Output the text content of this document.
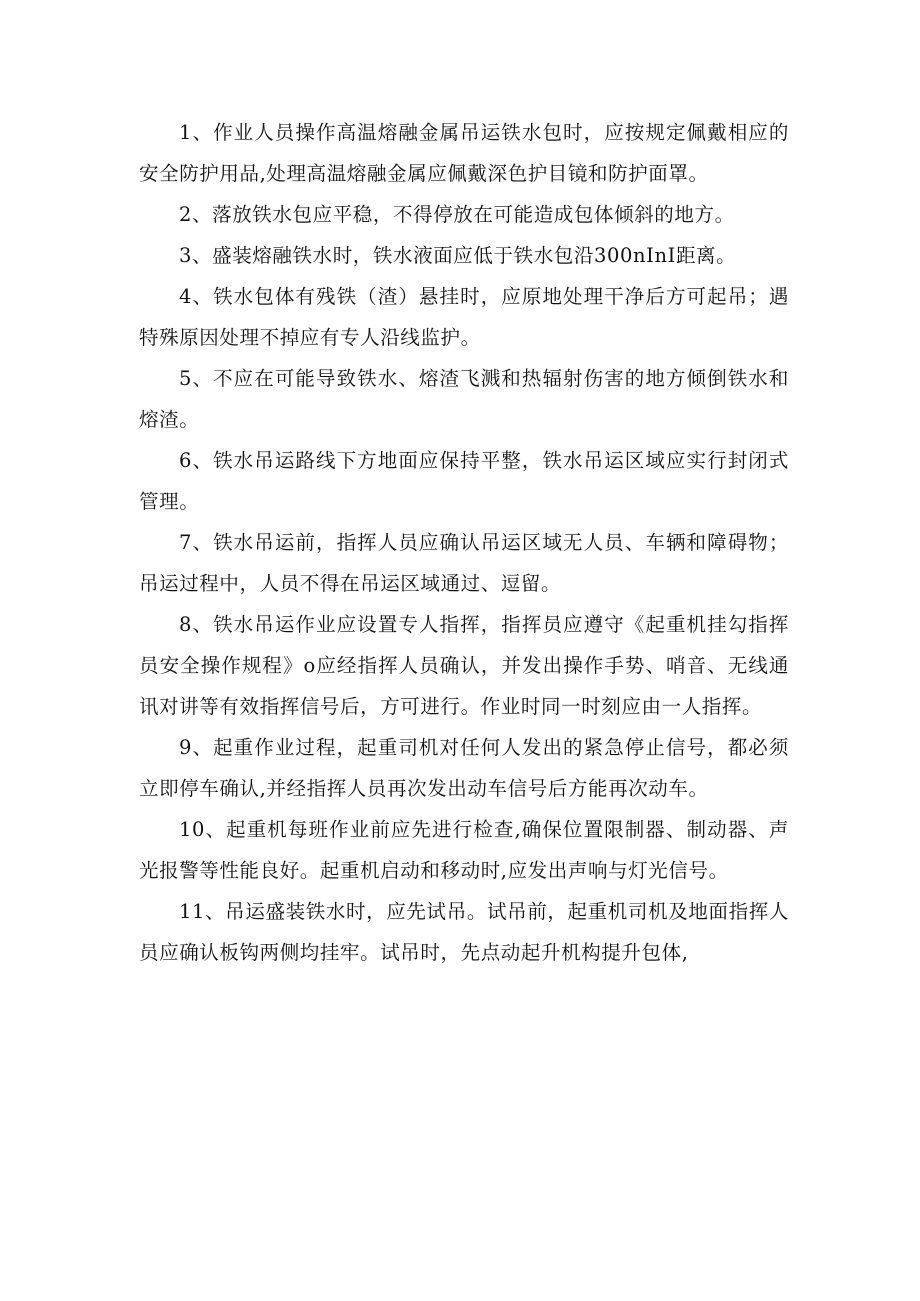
1、作业人员操作高温熔融金属吊运铁水包时，应按规定佩戴相应的安全防护用品,处理高温熔融金属应佩戴深色护目镜和防护面罩。

2、落放铁水包应平稳，不得停放在可能造成包体倾斜的地方。

3、盛装熔融铁水时，铁水液面应低于铁水包沿300nInI距离。

4、铁水包体有残铁（渣）悬挂时，应原地处理干净后方可起吊；遇特殊原因处理不掉应有专人沿线监护。

5、不应在可能导致铁水、熔渣飞溅和热辐射伤害的地方倾倒铁水和熔渣。

6、铁水吊运路线下方地面应保持平整，铁水吊运区域应实行封闭式管理。

7、铁水吊运前，指挥人员应确认吊运区域无人员、车辆和障碍物；吊运过程中，人员不得在吊运区域通过、逗留。

8、铁水吊运作业应设置专人指挥，指挥员应遵守《起重机挂勾指挥员安全操作规程》o应经指挥人员确认，并发出操作手势、哨音、无线通讯对讲等有效指挥信号后，方可进行。作业时同一时刻应由一人指挥。

9、起重作业过程，起重司机对任何人发出的紧急停止信号，都必须立即停车确认,并经指挥人员再次发出动车信号后方能再次动车。

10、起重机每班作业前应先进行检查,确保位置限制器、制动器、声光报警等性能良好。起重机启动和移动时,应发出声响与灯光信号。

11、吊运盛装铁水时，应先试吊。试吊前，起重机司机及地面指挥人员应确认板钩两侧均挂牢。试吊时，先点动起升机构提升包体,
